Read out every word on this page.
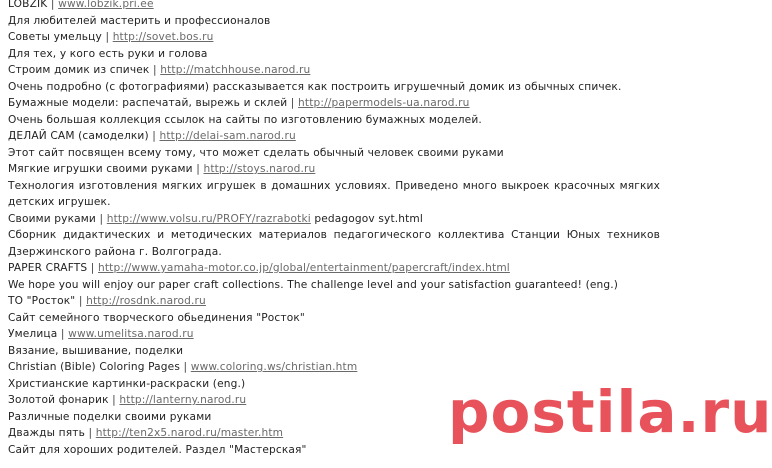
LOBZIK | www.lobzik.pri.ee
Для любителей мастерить и профессионалов
Советы умельцу | http://sovet.bos.ru
Для тех, у кого есть руки и голова
Строим домик из спичек | http://matchhouse.narod.ru
Очень подробно (с фотографиями) рассказывается как построить игрушечный домик из обычных спичек.
Бумажные модели: распечатай, вырежь и склей | http://papermodels-ua.narod.ru
Очень большая коллекция ссылок на сайты по изготовлению бумажных моделей.
ДЕЛАЙ САМ (самоделки) | http://delai-sam.narod.ru
Этот сайт посвящен всему тому, что может сделать обычный человек своими руками
Мягкие игрушки своими руками | http://stoys.narod.ru
Технология изготовления мягких игрушек в домашних условиях. Приведено много выкроек красочных мягких детских игрушек.
Своими руками | http://www.volsu.ru/PROFY/razrabotki pedagogov syt.html
Сборник дидактических и методических материалов педагогического коллектива Станции Юных техников Дзержинского района г. Волгограда.
PAPER CRAFTS | http://www.yamaha-motor.co.jp/global/entertainment/papercraft/index.html
We hope you will enjoy our paper craft collections. The challenge level and your satisfaction guaranteed! (eng.)
ТО "Росток" | http://rosdnk.narod.ru
Сайт семейного творческого обьединения "Росток"
Умелица | www.umelitsa.narod.ru
Вязание, вышивание, поделки
Christian (Bible) Coloring Pages | www.coloring.ws/christian.htm
Христианские картинки-раскраски (eng.)
Золотой фонарик | http://lanterny.narod.ru
Различные поделки своими руками
Дважды пять | http://ten2x5.narod.ru/master.htm
Сайт для хороших родителей. Раздел "Мастерская"
postila.ru
